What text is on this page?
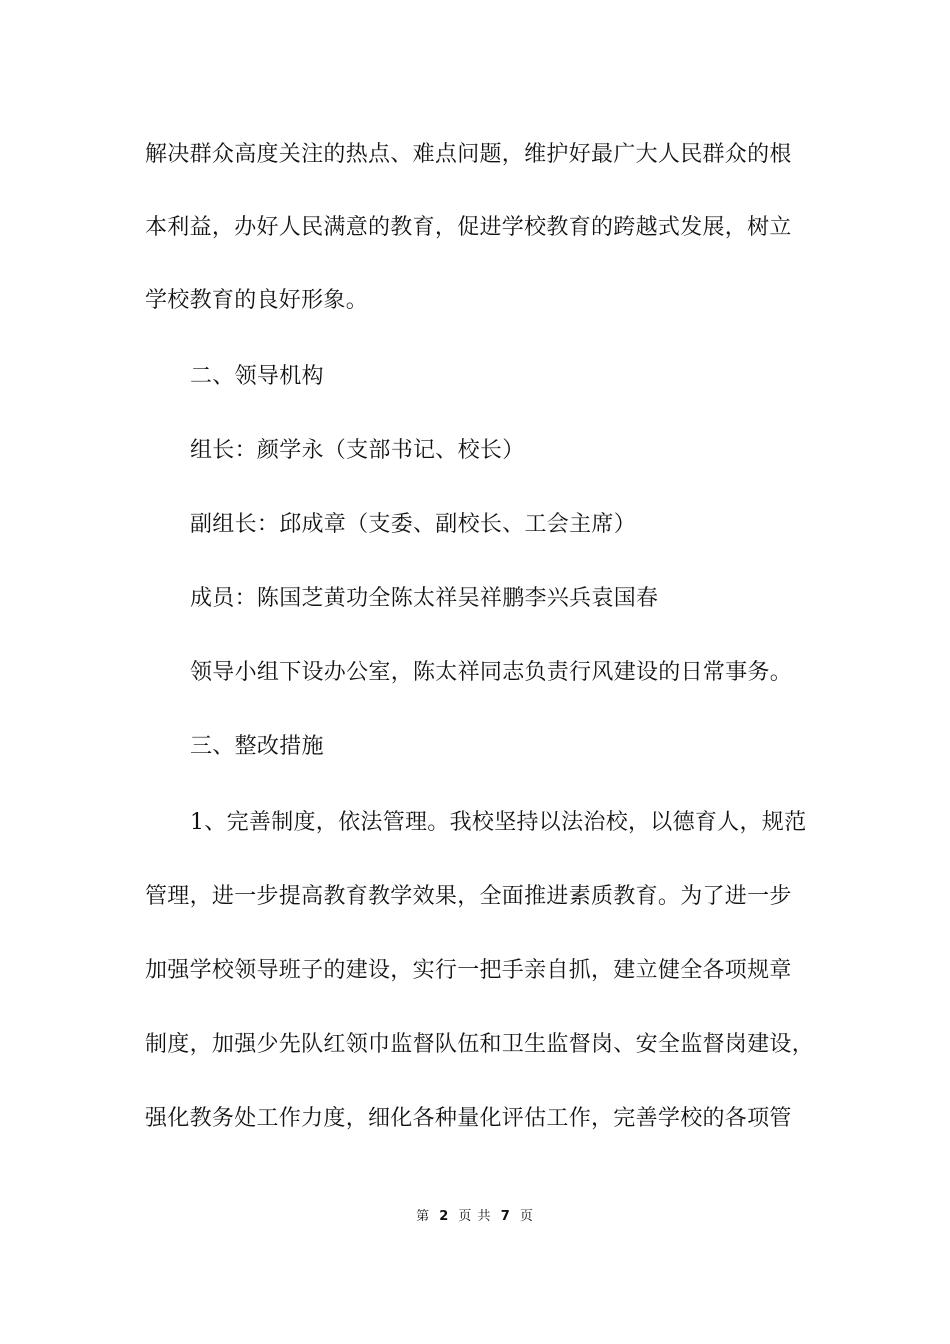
解决群众高度关注的热点、难点问题，维护好最广大人民群众的根
本利益，办好人民满意的教育，促进学校教育的跨越式发展，树立
学校教育的良好形象。
二、领导机构
组长：颜学永（支部书记、校长）
副组长：邱成章（支委、副校长、工会主席）
成员：陈国芝黄功全陈太祥吴祥鹏李兴兵袁国春
领导小组下设办公室，陈太祥同志负责行风建设的日常事务。
三、整改措施
1、完善制度，依法管理。我校坚持以法治校，以德育人，规范
管理，进一步提高教育教学效果，全面推进素质教育。为了进一步
加强学校领导班子的建设，实行一把手亲自抓，建立健全各项规章
制度，加强少先队红领巾监督队伍和卫生监督岗、安全监督岗建设，
强化教务处工作力度，细化各种量化评估工作，完善学校的各项管
第 2 页 共 7 页
